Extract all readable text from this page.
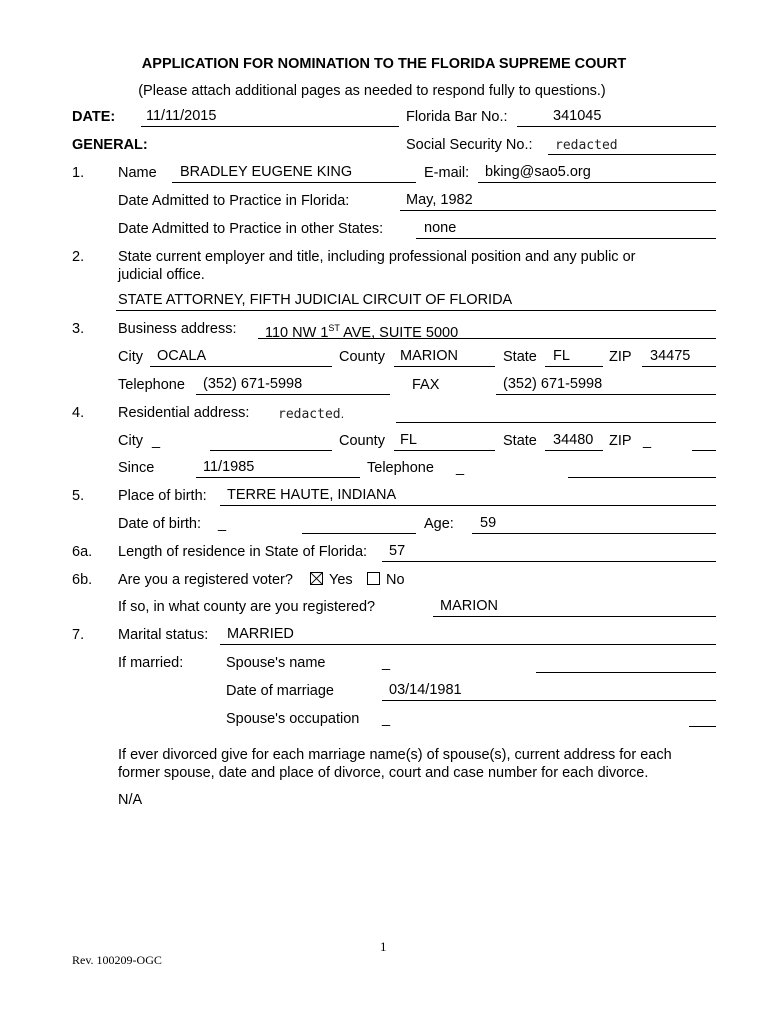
APPLICATION FOR NOMINATION TO THE FLORIDA SUPREME COURT
(Please attach additional pages as needed to respond fully to questions.)
DATE: 11/11/2015	Florida Bar No.:	341045
GENERAL:	Social Security No.: redacted
1. Name BRADLEY EUGENE KING	E-mail: bking@sao5.org
Date Admitted to Practice in Florida:	May, 1982
Date Admitted to Practice in other States:	none
2. State current employer and title, including professional position and any public or
judicial office.
STATE ATTORNEY, FIFTH JUDICIAL CIRCUIT OF FLORIDA
3. Business address: 110 NW 1ST AVE, SUITE 5000
City OCALA	County MARION	State FL	ZIP 34475
Telephone (352) 671-5998	FAX	(352) 671-5998
4. Residential address: redacted.
City _	County FL	State 34480 ZIP _
Since	11/1985	Telephone _
5. Place of birth: TERRE HAUTE, INDIANA
Date of birth: _	Age: 59
6a. Length of residence in State of Florida: 57
6b. Are you a registered voter? Yes No
If so, in what county are you registered?	MARION
7. Marital status: MARRIED
If married:	Spouse's name	_
Date of marriage	03/14/1981
Spouse's occupation _
If ever divorced give for each marriage name(s) of spouse(s), current address for each
former spouse, date and place of divorce, court and case number for each divorce.
N/A
1
Rev. 100209-OGC
